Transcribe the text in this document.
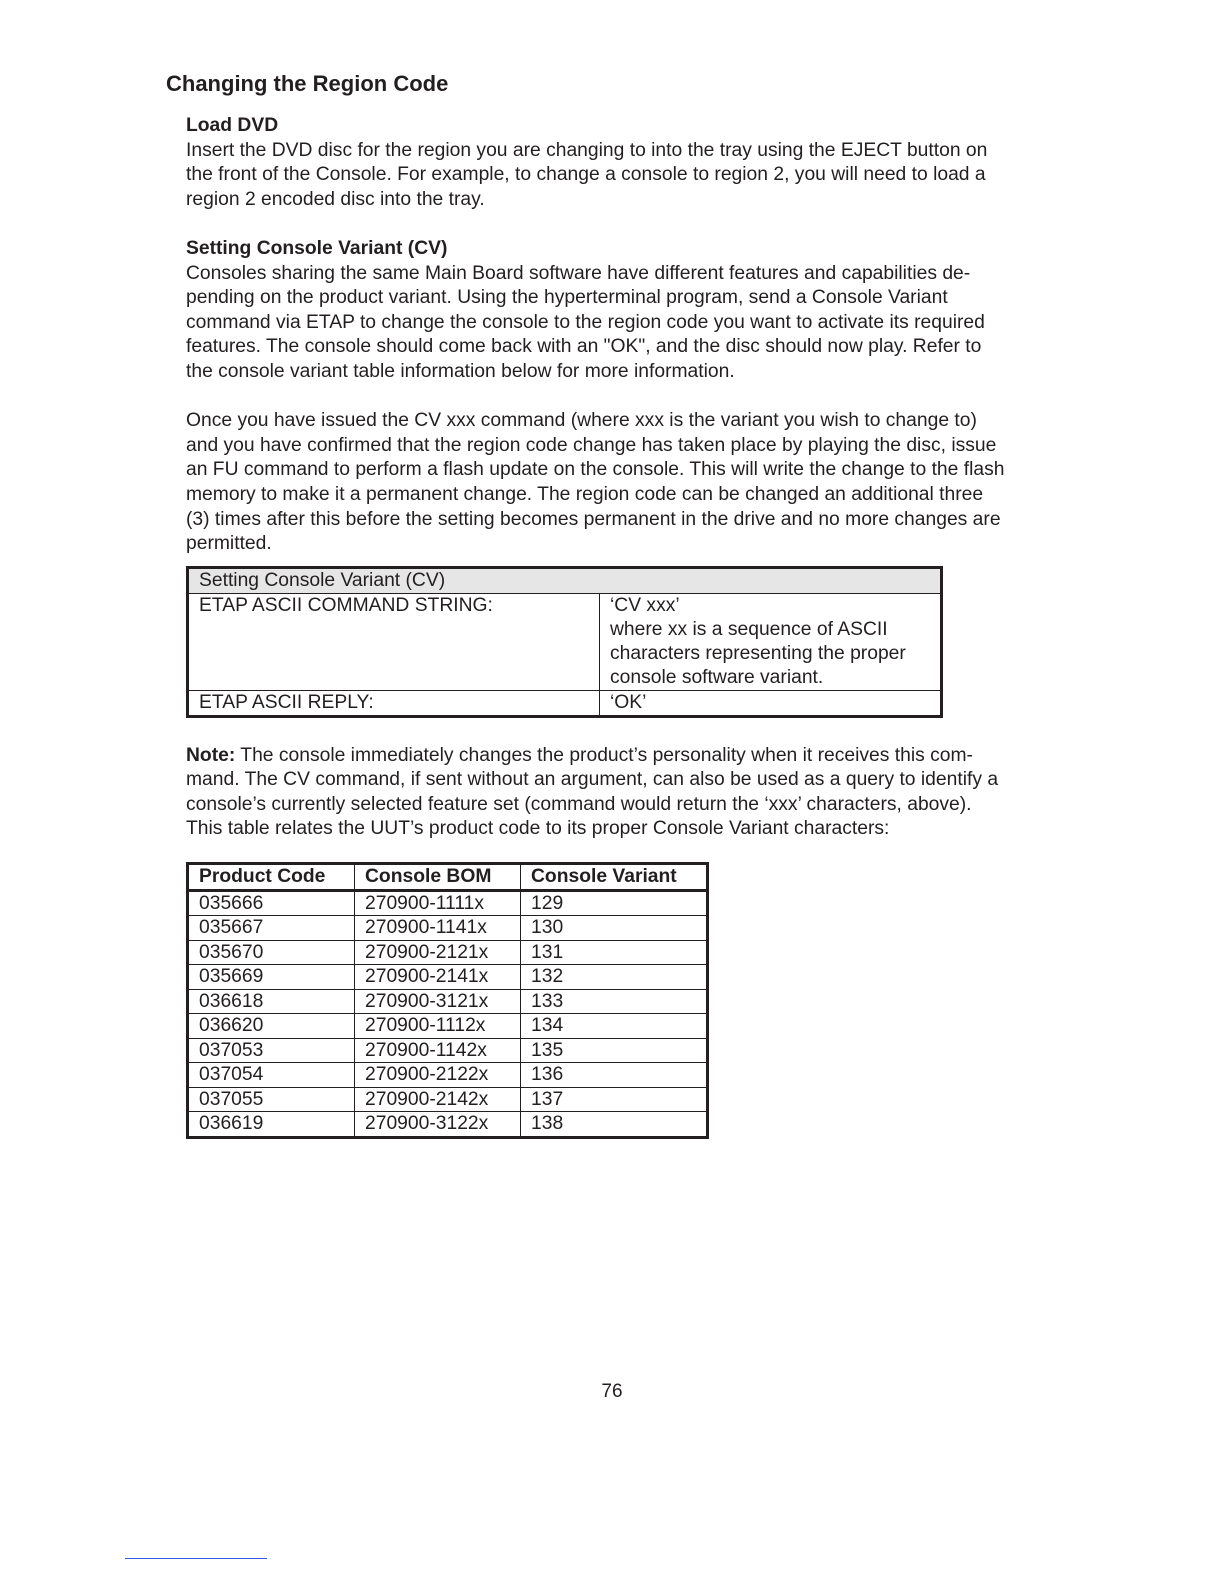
Changing the Region Code

Load DVD

Insert the DVD disc for the region you are changing to into the tray using the EJECT button on

the front of the Console. For example, to change a console to region 2, you will need to load a

region 2 encoded disc into the tray.

Setting Console Variant (CV)

Consoles sharing the same Main Board software have different features and capabilities de-

pending on the product variant. Using the hyperterminal program, send a Console Variant

command via ETAP to change the console to the region code you want to activate its required

features. The console should come back with an "OK", and the disc should now play. Refer to

the console variant table information below for more information.

Once you have issued the CV xxx command (where xxx is the variant you wish to change to)

and you have confirmed that the region code change has taken place by playing the disc, issue

an FU command to perform a flash update on the console. This will write the change to the flash

memory to make it a permanent change. The region code can be changed an additional three

(3) times after this before the setting becomes permanent in the drive and no more changes are

permitted.

Setting Console Variant (CV)	
ETAP ASCII COMMAND STRING:	‘CV xxx’
where xx is a sequence of ASCII
characters representing the proper
console software variant.

ETAP ASCII REPLY:	‘OK’

Note: The console immediately changes the product’s personality when it receives this com-

mand. The CV command, if sent without an argument, can also be used as a query to identify a

console’s currently selected feature set (command would return the ‘xxx’ characters, above).

This table relates the UUT’s product code to its proper Console Variant characters:

Product Code	Console BOM	Console Variant
035666	270900-1111x	129
035667	270900-1141x	130
035670	270900-2121x	131
035669	270900-2141x	132
036618	270900-3121x	133
036620	270900-1112x	134
037053	270900-1142x	135
037054	270900-2122x	136
037055	270900-2142x	137
036619	270900-3122x	138
76
